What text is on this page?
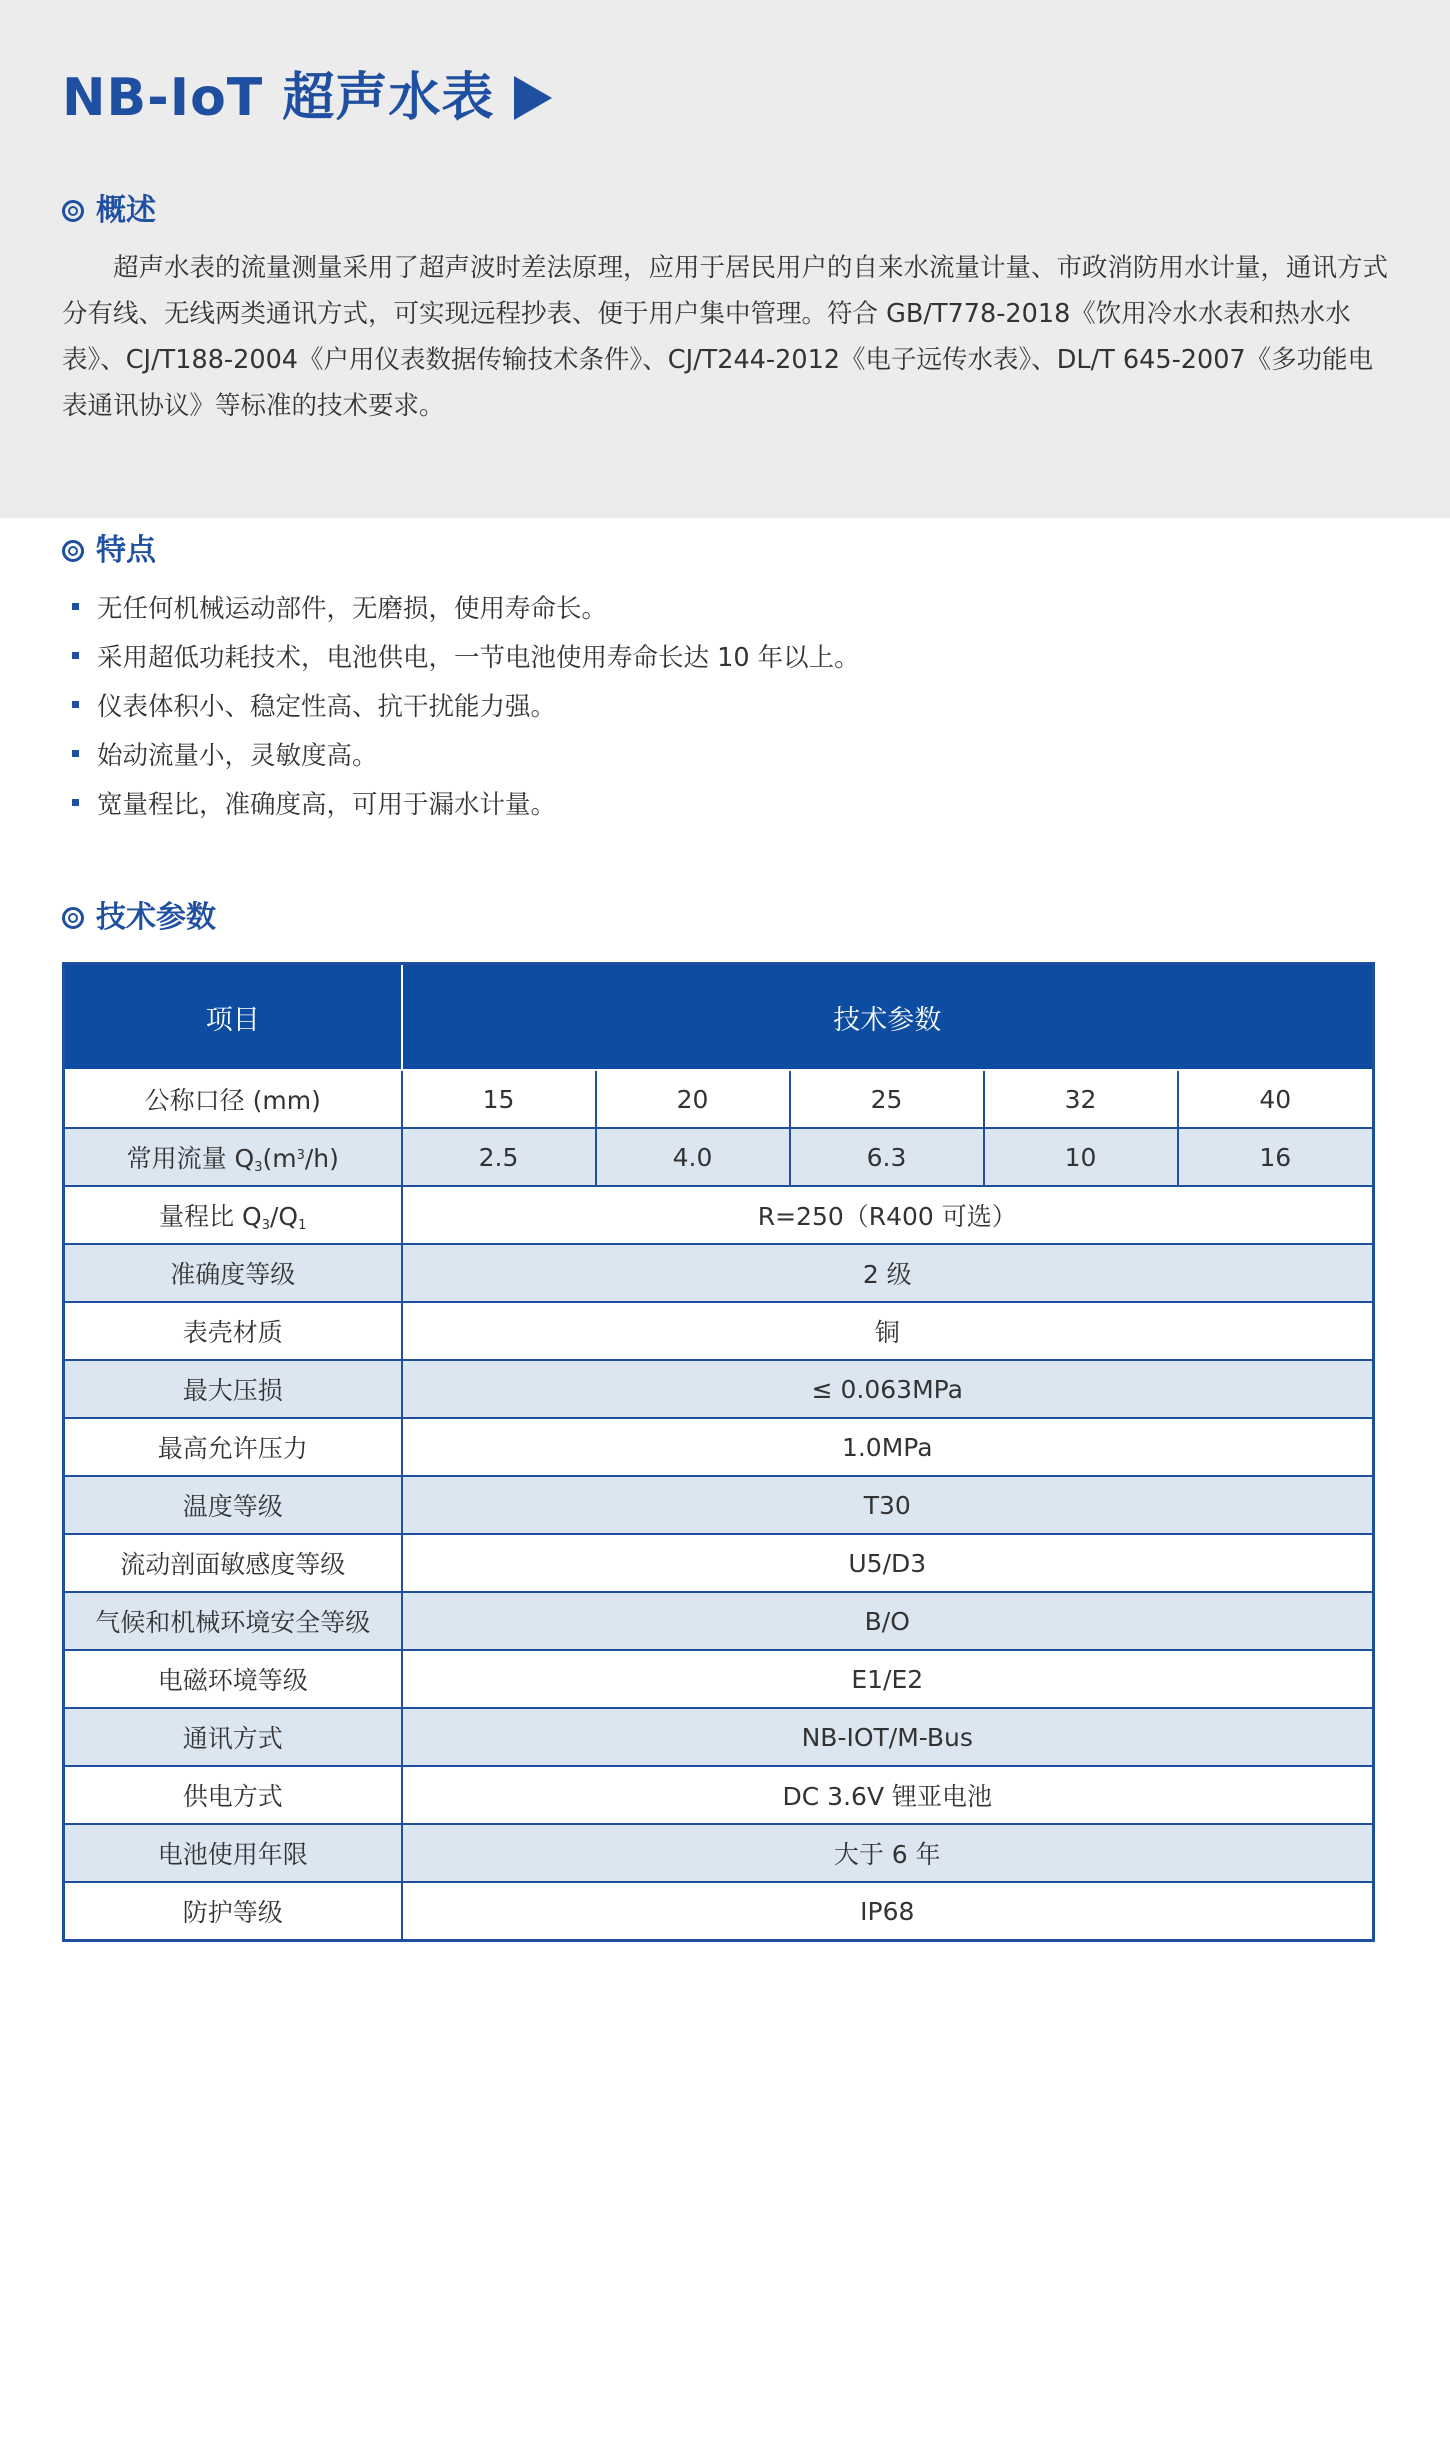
NB-IoT 超声水表
概述
超声水表的流量测量采用了超声波时差法原理，应用于居民用户的自来水流量计量、市政消防用水计量，通讯方式分有线、无线两类通讯方式，可实现远程抄表、便于用户集中管理。符合 GB/T778-2018《饮用冷水水表和热水水表》、CJ/T188-2004《户用仪表数据传输技术条件》、CJ/T244-2012《电子远传水表》、DL/T 645-2007《多功能电表通讯协议》等标准的技术要求。
特点
无任何机械运动部件，无磨损，使用寿命长。
采用超低功耗技术，电池供电，一节电池使用寿命长达 10 年以上。
仪表体积小、稳定性高、抗干扰能力强。
始动流量小，灵敏度高。
宽量程比，准确度高，可用于漏水计量。
技术参数
项目	技术参数				
公称口径 (mm)	15	20	25	32	40
常用流量 $Q_3(m^3/h)$	2.5	4.0	6.3	10	16
量程比 $Q_3/Q_1$	R=250（R400 可选）				
准确度等级	2 级				
表壳材质	铜				
最大压损	≤ 0.063MPa				
最高允许压力	1.0MPa				
温度等级	T30				
流动剖面敏感度等级	U5/D3				
气候和机械环境安全等级	B/O				
电磁环境等级	E1/E2				
通讯方式	NB-IOT/M-Bus				
供电方式	DC 3.6V 锂亚电池				
电池使用年限	大于 6 年				
防护等级	IP68				
